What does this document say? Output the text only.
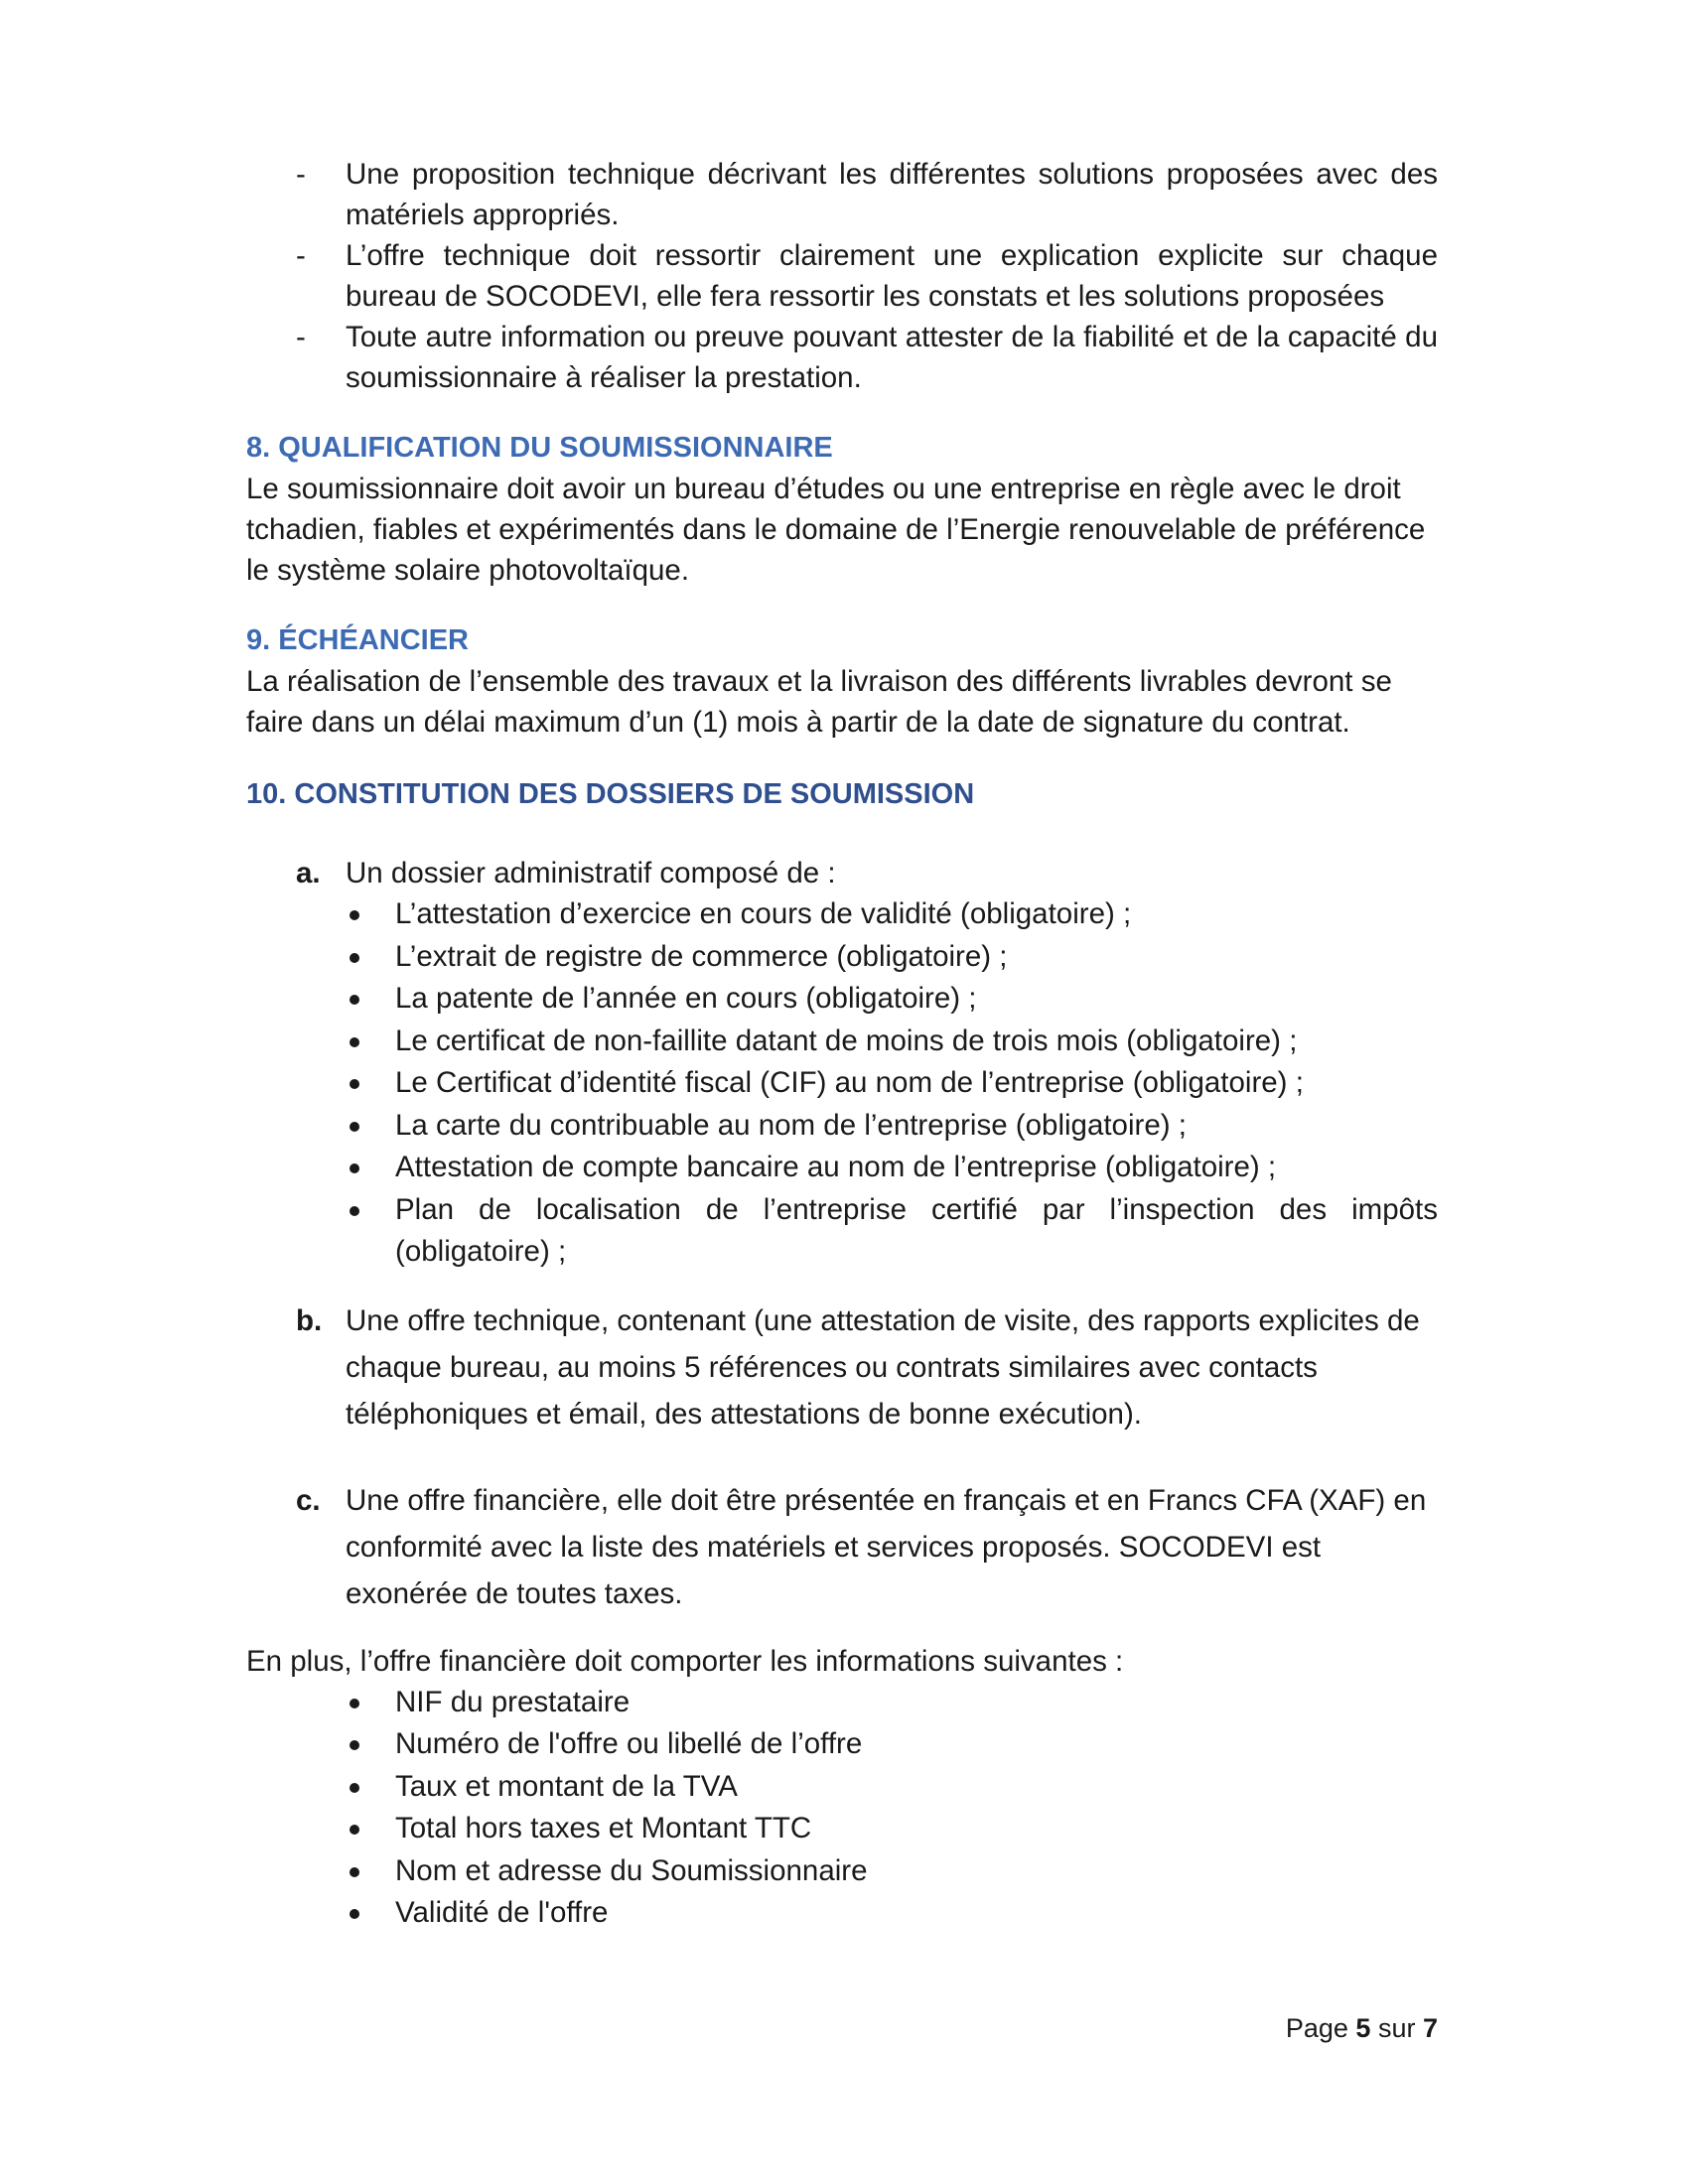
- Une proposition technique décrivant les différentes solutions proposées avec des matériels appropriés.
- L’offre technique doit ressortir clairement une explication explicite sur chaque bureau de SOCODEVI, elle fera ressortir les constats et les solutions proposées
- Toute autre information ou preuve pouvant attester de la fiabilité et de la capacité du soumissionnaire à réaliser la prestation.
8. QUALIFICATION DU SOUMISSIONNAIRE
Le soumissionnaire doit avoir un bureau d’études ou une entreprise en règle avec le droit tchadien, fiables et expérimentés dans le domaine de l’Energie renouvelable de préférence le système solaire photovoltaïque.
9. ÉCHÉANCIER
La réalisation de l’ensemble des travaux et la livraison des différents livrables devront se faire dans un délai maximum d’un (1) mois à partir de la date de signature du contrat.
10. CONSTITUTION DES DOSSIERS DE SOUMISSION
a. Un dossier administratif composé de :
L’attestation d’exercice en cours de validité (obligatoire) ;
L’extrait de registre de commerce (obligatoire) ;
La patente de l’année en cours (obligatoire) ;
Le certificat de non-faillite datant de moins de trois mois (obligatoire) ;
Le Certificat d’identité fiscal (CIF) au nom de l’entreprise (obligatoire) ;
La carte du contribuable au nom de l’entreprise (obligatoire) ;
Attestation de compte bancaire au nom de l’entreprise (obligatoire) ;
Plan de localisation de l’entreprise certifié par l’inspection des impôts (obligatoire) ;
b. Une offre technique, contenant (une attestation de visite, des rapports explicites de chaque bureau, au moins 5 références ou contrats similaires avec contacts téléphoniques et émail, des attestations de bonne exécution).
c. Une offre financière, elle doit être présentée en français et en Francs CFA (XAF) en conformité avec la liste des matériels et services proposés. SOCODEVI est exonérée de toutes taxes.
En plus, l’offre financière doit comporter les informations suivantes :
NIF du prestataire
Numéro de l'offre ou libellé de l’offre
Taux et montant de la TVA
Total hors taxes et Montant TTC
Nom et adresse du Soumissionnaire
Validité de l'offre
Page 5 sur 7
